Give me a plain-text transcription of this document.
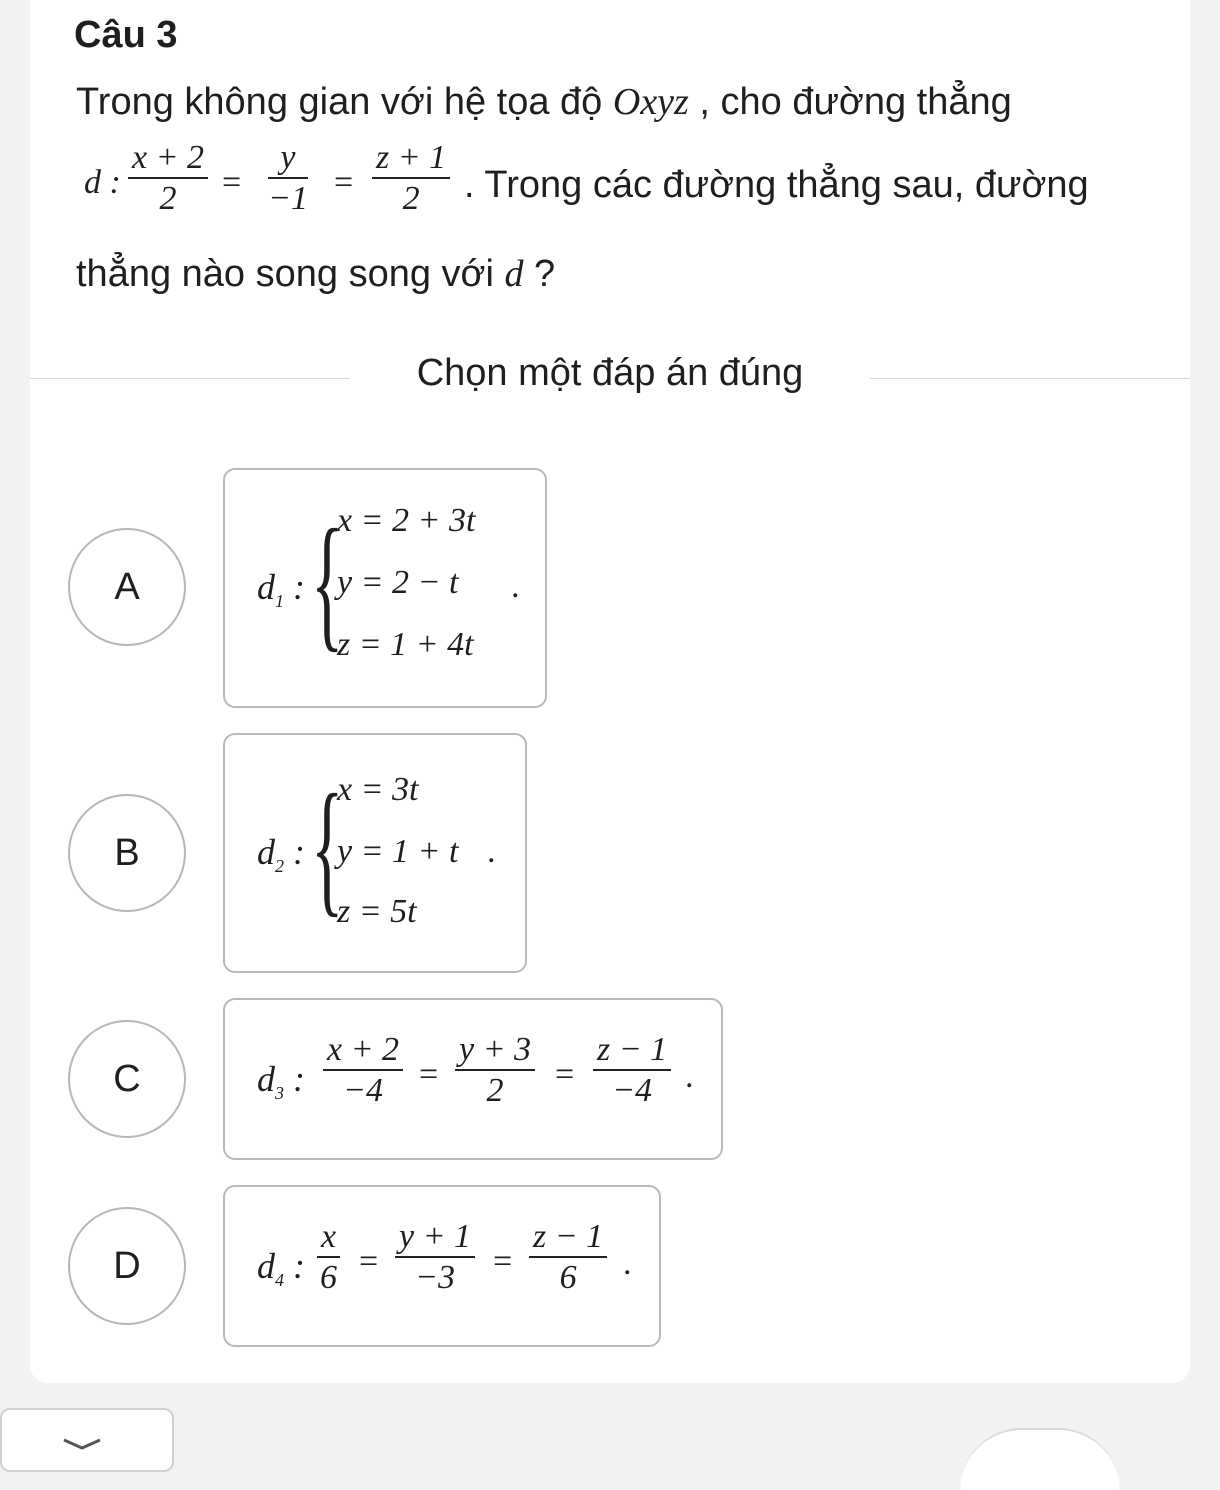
Câu 3
Trong không gian với hệ tọa độ Oxyz , cho đường thẳng
d : $\frac{x + 2}{2} = \frac{y}{-1} = \frac{z + 1}{2}$ . Trong các đường thẳng sau, đường
thẳng nào song song với d ?
Chọn một đáp án đúng
A	$d_1$ : {
x = 2 + 3t
y = 2 − t
z = 1 + 4t
.
B	$d_2$ : {
x = 3t
y = 1 + t
z = 5t
.
C	$d_3$ : $\frac{x + 2}{-4} = \frac{y + 3}{2} = \frac{z - 1}{-4}$ .
D	$d_4$ : $\frac{x}{6} = \frac{y + 1}{-3} = \frac{z - 1}{6}$ .
